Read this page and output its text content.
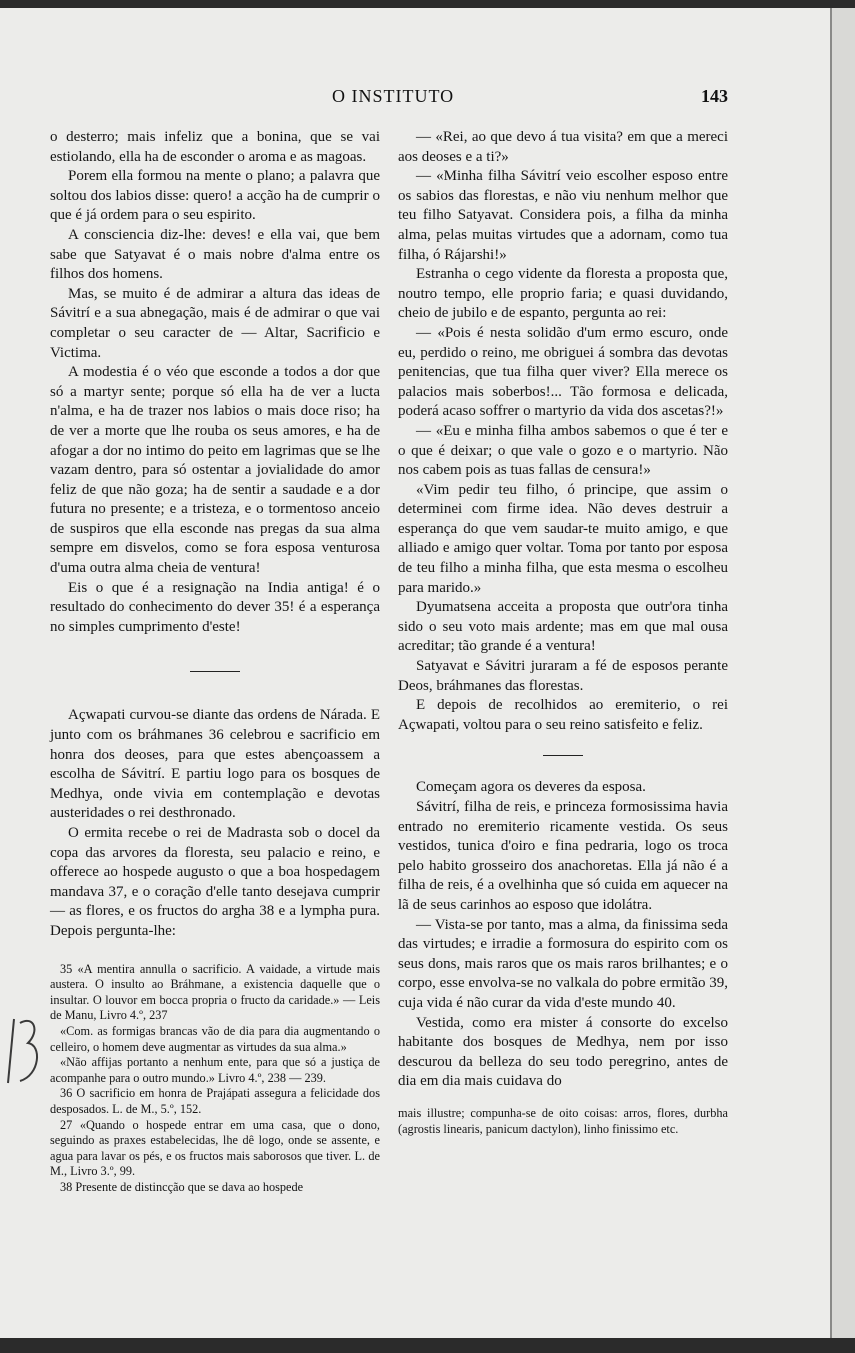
O INSTITUTO	143

o desterro; mais infeliz que a bonina, que se vai estiolando, ella ha de esconder o aroma e as magoas.

Porem ella formou na mente o plano; a palavra que soltou dos labios disse: quero! a acção ha de cumprir o que é já ordem para o seu espirito.

A consciencia diz-lhe: deves! e ella vai, que bem sabe que Satyavat é o mais nobre d'alma entre os filhos dos homens.

Mas, se muito é de admirar a altura das ideas de Sávitrí e a sua abnegação, mais é de admirar o que vai completar o seu caracter de — Altar, Sacrificio e Victima.

A modestia é o véo que esconde a todos a dor que só a martyr sente; porque só ella ha de ver a lucta n'alma, e ha de trazer nos labios o mais doce riso; ha de ver a morte que lhe rouba os seus amores, e ha de afogar a dor no intimo do peito em lagrimas que se lhe vazam dentro, para só ostentar a jovialidade do amor feliz de que não goza; ha de sentir a saudade e a dor futura no presente; e a tristeza, e o tormentoso anceio de suspiros que ella esconde nas pregas da sua alma sempre em disvelos, como se fora esposa venturosa d'uma outra alma cheia de ventura!

Eis o que é a resignação na India antiga! é o resultado do conhecimento do dever 35! é a esperança no simples cumprimento d'este!

Açwapati curvou-se diante das ordens de Nárada. E junto com os bráhmanes 36 celebrou e sacrificio em honra dos deoses, para que estes abençoassem a escolha de Sávitrí. E partiu logo para os bosques de Medhya, onde vivia em contemplação e devotas austeridades o rei desthronado.

O ermita recebe o rei de Madrasta sob o docel da copa das arvores da floresta, seu palacio e reino, e offerece ao hospede augusto o que a boa hospedagem mandava 37, e o coração d'elle tanto desejava cumprir — as flores, e os fructos do argha 38 e a lympha pura. Depois pergunta-lhe:

35 «A mentira annulla o sacrificio. A vaidade, a virtude mais austera. O insulto ao Bráhmane, a existencia daquelle que o insultar. O louvor em bocca propria o fructo da caridade.» — Leis de Manu, Livro 4.º, 237

«Com. as formigas brancas vão de dia para dia augmentando o celleiro, o homem deve augmentar as virtudes da sua alma.»

«Não affijas portanto a nenhum ente, para que só a justiça de acompanhe para o outro mundo.» Livro 4.º, 238 — 239.

36 O sacrificio em honra de Prajápati assegura a felicidade dos desposados. L. de M., 5.º, 152.

27 «Quando o hospede entrar em uma casa, que o dono, seguindo as praxes estabelecidas, lhe dê logo, onde se assente, e agua para lavar os pés, e os fructos mais saborosos que tiver. L. de M., Livro 3.º, 99.

38 Presente de distincção que se dava ao hospede

— «Rei, ao que devo á tua visita? em que a mereci aos deoses e a ti?»

— «Minha filha Sávitrí veio escolher esposo entre os sabios das florestas, e não viu nenhum melhor que teu filho Satyavat. Considera pois, a filha da minha alma, pelas muitas virtudes que a adornam, como tua filha, ó Rájarshi!»

Estranha o cego vidente da floresta a proposta que, noutro tempo, elle proprio faria; e quasi duvidando, cheio de jubilo e de espanto, pergunta ao rei:

— «Pois é nesta solidão d'um ermo escuro, onde eu, perdido o reino, me obriguei á sombra das devotas penitencias, que tua filha quer viver? Ella merece os palacios mais soberbos!... Tão formosa e delicada, poderá acaso soffrer o martyrio da vida dos ascetas?!»

— «Eu e minha filha ambos sabemos o que é ter e o que é deixar; o que vale o gozo e o martyrio. Não nos cabem pois as tuas fallas de censura!»

«Vim pedir teu filho, ó principe, que assim o determinei com firme idea. Não deves destruir a esperança do que vem saudar-te muito amigo, e que alliado e amigo quer voltar. Toma por tanto por esposa de teu filho a minha filha, que esta mesma o escolheu para marido.»

Dyumatsena acceita a proposta que outr'ora tinha sido o seu voto mais ardente; mas em que mal ousa acreditar; tão grande é a ventura!

Satyavat e Sávitri juraram a fé de esposos perante Deos, bráhmanes das florestas.

E depois de recolhidos ao eremiterio, o rei Açwapati, voltou para o seu reino satisfeito e feliz.

Começam agora os deveres da esposa.

Sávitrí, filha de reis, e princeza formosissima havia entrado no eremiterio ricamente vestida. Os seus vestidos, tunica d'oiro e fina pedraria, logo os troca pelo habito grosseiro dos anachoretas. Ella já não é a filha de reis, é a ovelhinha que só cuida em aquecer na lã de seus carinhos ao esposo que idolátra.

— Vista-se por tanto, mas a alma, da finissima seda das virtudes; e irradie a formosura do espirito com os seus dons, mais raros que os mais raros brilhantes; e o corpo, esse envolva-se no valkala do pobre ermitão 39, cuja vida é não curar da vida d'este mundo 40.

Vestida, como era mister á consorte do excelso habitante dos bosques de Medhya, nem por isso descurou da belleza do seu todo peregrino, antes de dia em dia mais cuidava do

mais illustre; compunha-se de oito coisas: arros, flores, durbha (agrostis linearis, panicum dactylon), linho finissimo etc.
13
